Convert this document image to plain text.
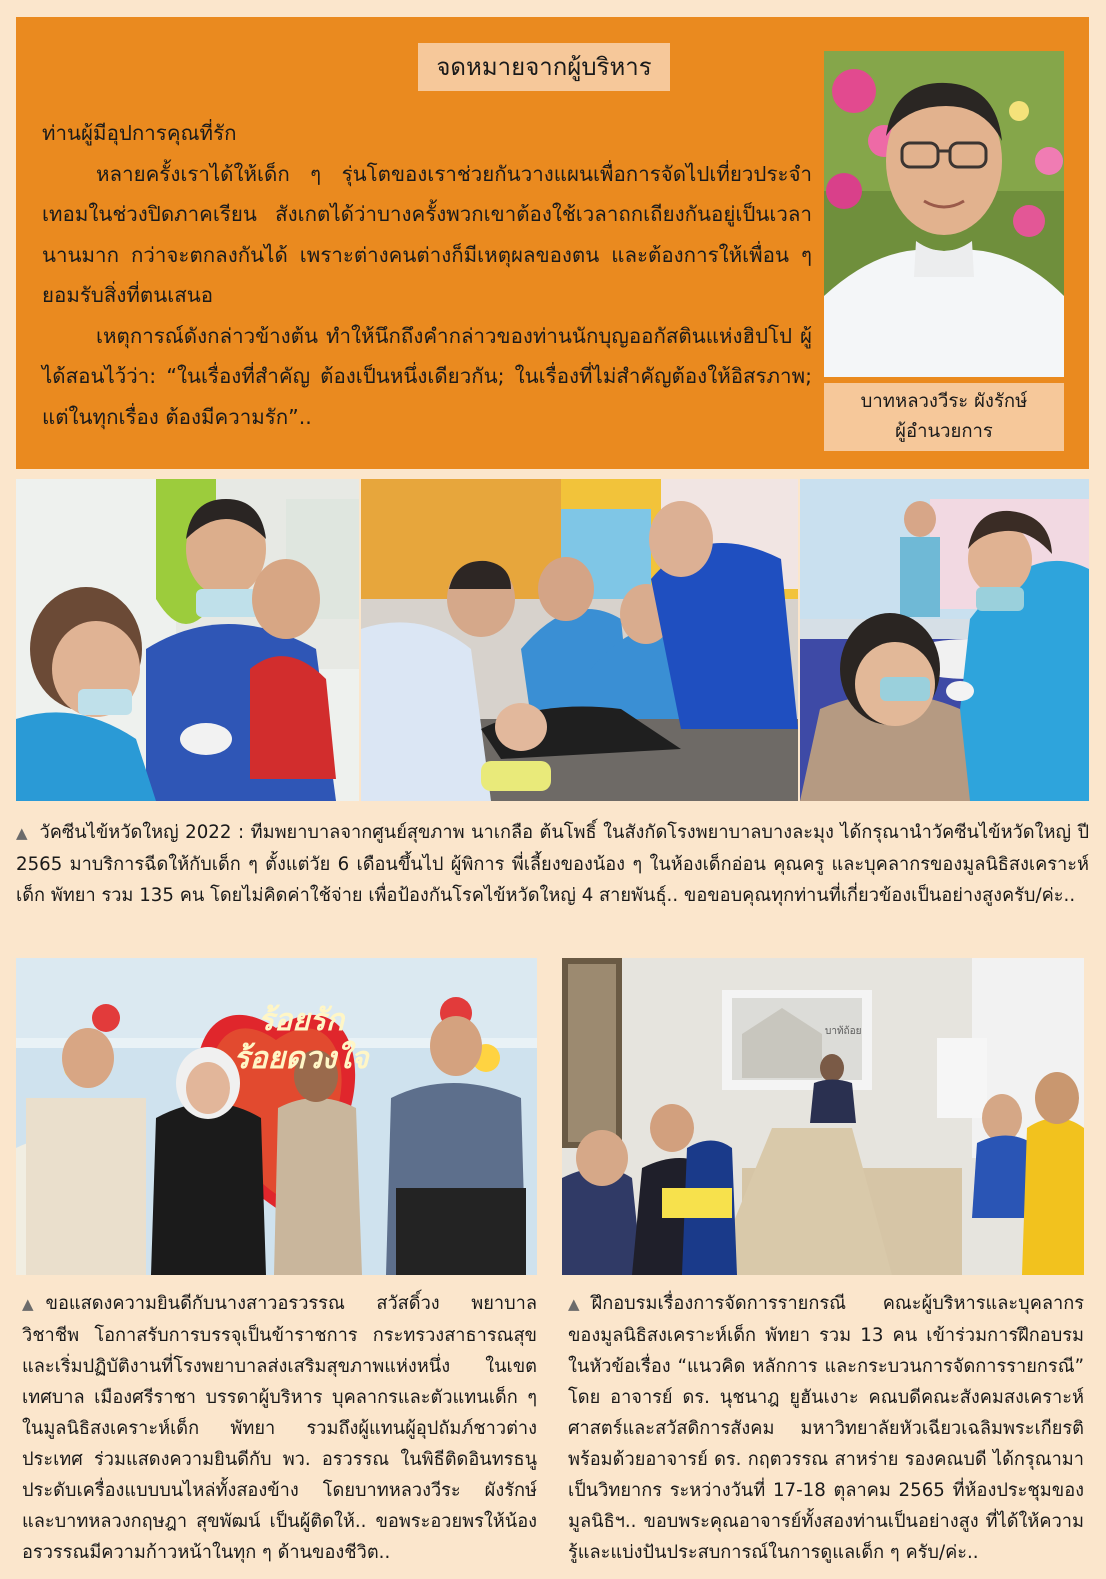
จดหมายจากผู้บริหาร

ท่านผู้มีอุปการคุณที่รัก

หลายครั้งเราได้ให้เด็ก ๆ รุ่นโตของเราช่วยกันวางแผนเพื่อการจัดไปเที่ยวประจำเทอมในช่วงปิดภาคเรียน สังเกตได้ว่าบางครั้งพวกเขาต้องใช้เวลาถกเถียงกันอยู่เป็นเวลานานมาก กว่าจะตกลงกันได้ เพราะต่างคนต่างก็มีเหตุผลของตน และต้องการให้เพื่อน ๆ ยอมรับสิ่งที่ตนเสนอ

เหตุการณ์ดังกล่าวข้างต้น ทำให้นึกถึงคำกล่าวของท่านนักบุญออกัสตินแห่งฮิปโป ผู้ได้สอนไว้ว่า: “ในเรื่องที่สำคัญ ต้องเป็นหนึ่งเดียวกัน; ในเรื่องที่ไม่สำคัญต้องให้อิสรภาพ; แต่ในทุกเรื่อง ต้องมีความรัก”..

บาทหลวงวีระ ผังรักษ์
ผู้อำนวยการ

▲ วัคซีนไข้หวัดใหญ่ 2022 : ทีมพยาบาลจากศูนย์สุขภาพ นาเกลือ ต้นโพธิ์ ในสังกัดโรงพยาบาลบางละมุง ได้กรุณานำวัคซีนไข้หวัดใหญ่ ปี 2565 มาบริการฉีดให้กับเด็ก ๆ ตั้งแต่วัย 6 เดือนขึ้นไป ผู้พิการ พี่เลี้ยงของน้อง ๆ ในห้องเด็กอ่อน คุณครู และบุคลากรของมูลนิธิสงเคราะห์เด็ก พัทยา รวม 135 คน โดยไม่คิดค่าใช้จ่าย เพื่อป้องกันโรคไข้หวัดใหญ่ 4 สายพันธุ์.. ขอขอบคุณทุกท่านที่เกี่ยวข้องเป็นอย่างสูงครับ/ค่ะ..

ร้อยรัก
ร้อยดวงใจ

▲ ขอแสดงความยินดีกับนางสาวอรวรรณ สวัสดิ์วง พยาบาลวิชาชีพ โอกาสรับการบรรจุเป็นข้าราชการ กระทรวงสาธารณสุข และเริ่มปฏิบัติงานที่โรงพยาบาลส่งเสริมสุขภาพแห่งหนึ่ง ในเขตเทศบาล เมืองศรีราชา บรรดาผู้บริหาร บุคลากรและตัวแทนเด็ก ๆ ในมูลนิธิสงเคราะห์เด็ก พัทยา รวมถึงผู้แทนผู้อุปถัมภ์ชาวต่างประเทศ ร่วมแสดงความยินดีกับ พว. อรวรรณ ในพิธีติดอินทรธนูประดับเครื่องแบบบนไหล่ทั้งสองข้าง โดยบาทหลวงวีระ ผังรักษ์ และบาทหลวงกฤษฎา สุขพัฒน์ เป็นผู้ติดให้.. ขอพระอวยพรให้น้องอรวรรณมีความก้าวหน้าในทุก ๆ ด้านของชีวิต..

บาท้ถ้อย

▲ ฝึกอบรมเรื่องการจัดการรายกรณี คณะผู้บริหารและบุคลากรของมูลนิธิสงเคราะห์เด็ก พัทยา รวม 13 คน เข้าร่วมการฝึกอบรมในหัวข้อเรื่อง “แนวคิด หลักการ และกระบวนการจัดการรายกรณี” โดย อาจารย์ ดร. นุชนาฎ ยูฮันเงาะ คณบดีคณะสังคมสงเคราะห์ศาสตร์และสวัสดิการสังคม มหาวิทยาลัยหัวเฉียวเฉลิมพระเกียรติ พร้อมด้วยอาจารย์ ดร. กฤตวรรณ สาหร่าย รองคณบดี ได้กรุณามาเป็นวิทยากร ระหว่างวันที่ 17-18 ตุลาคม 2565 ที่ห้องประชุมของมูลนิธิฯ.. ขอบพระคุณอาจารย์ทั้งสองท่านเป็นอย่างสูง ที่ได้ให้ความรู้และแบ่งปันประสบการณ์ในการดูแลเด็ก ๆ ครับ/ค่ะ..
